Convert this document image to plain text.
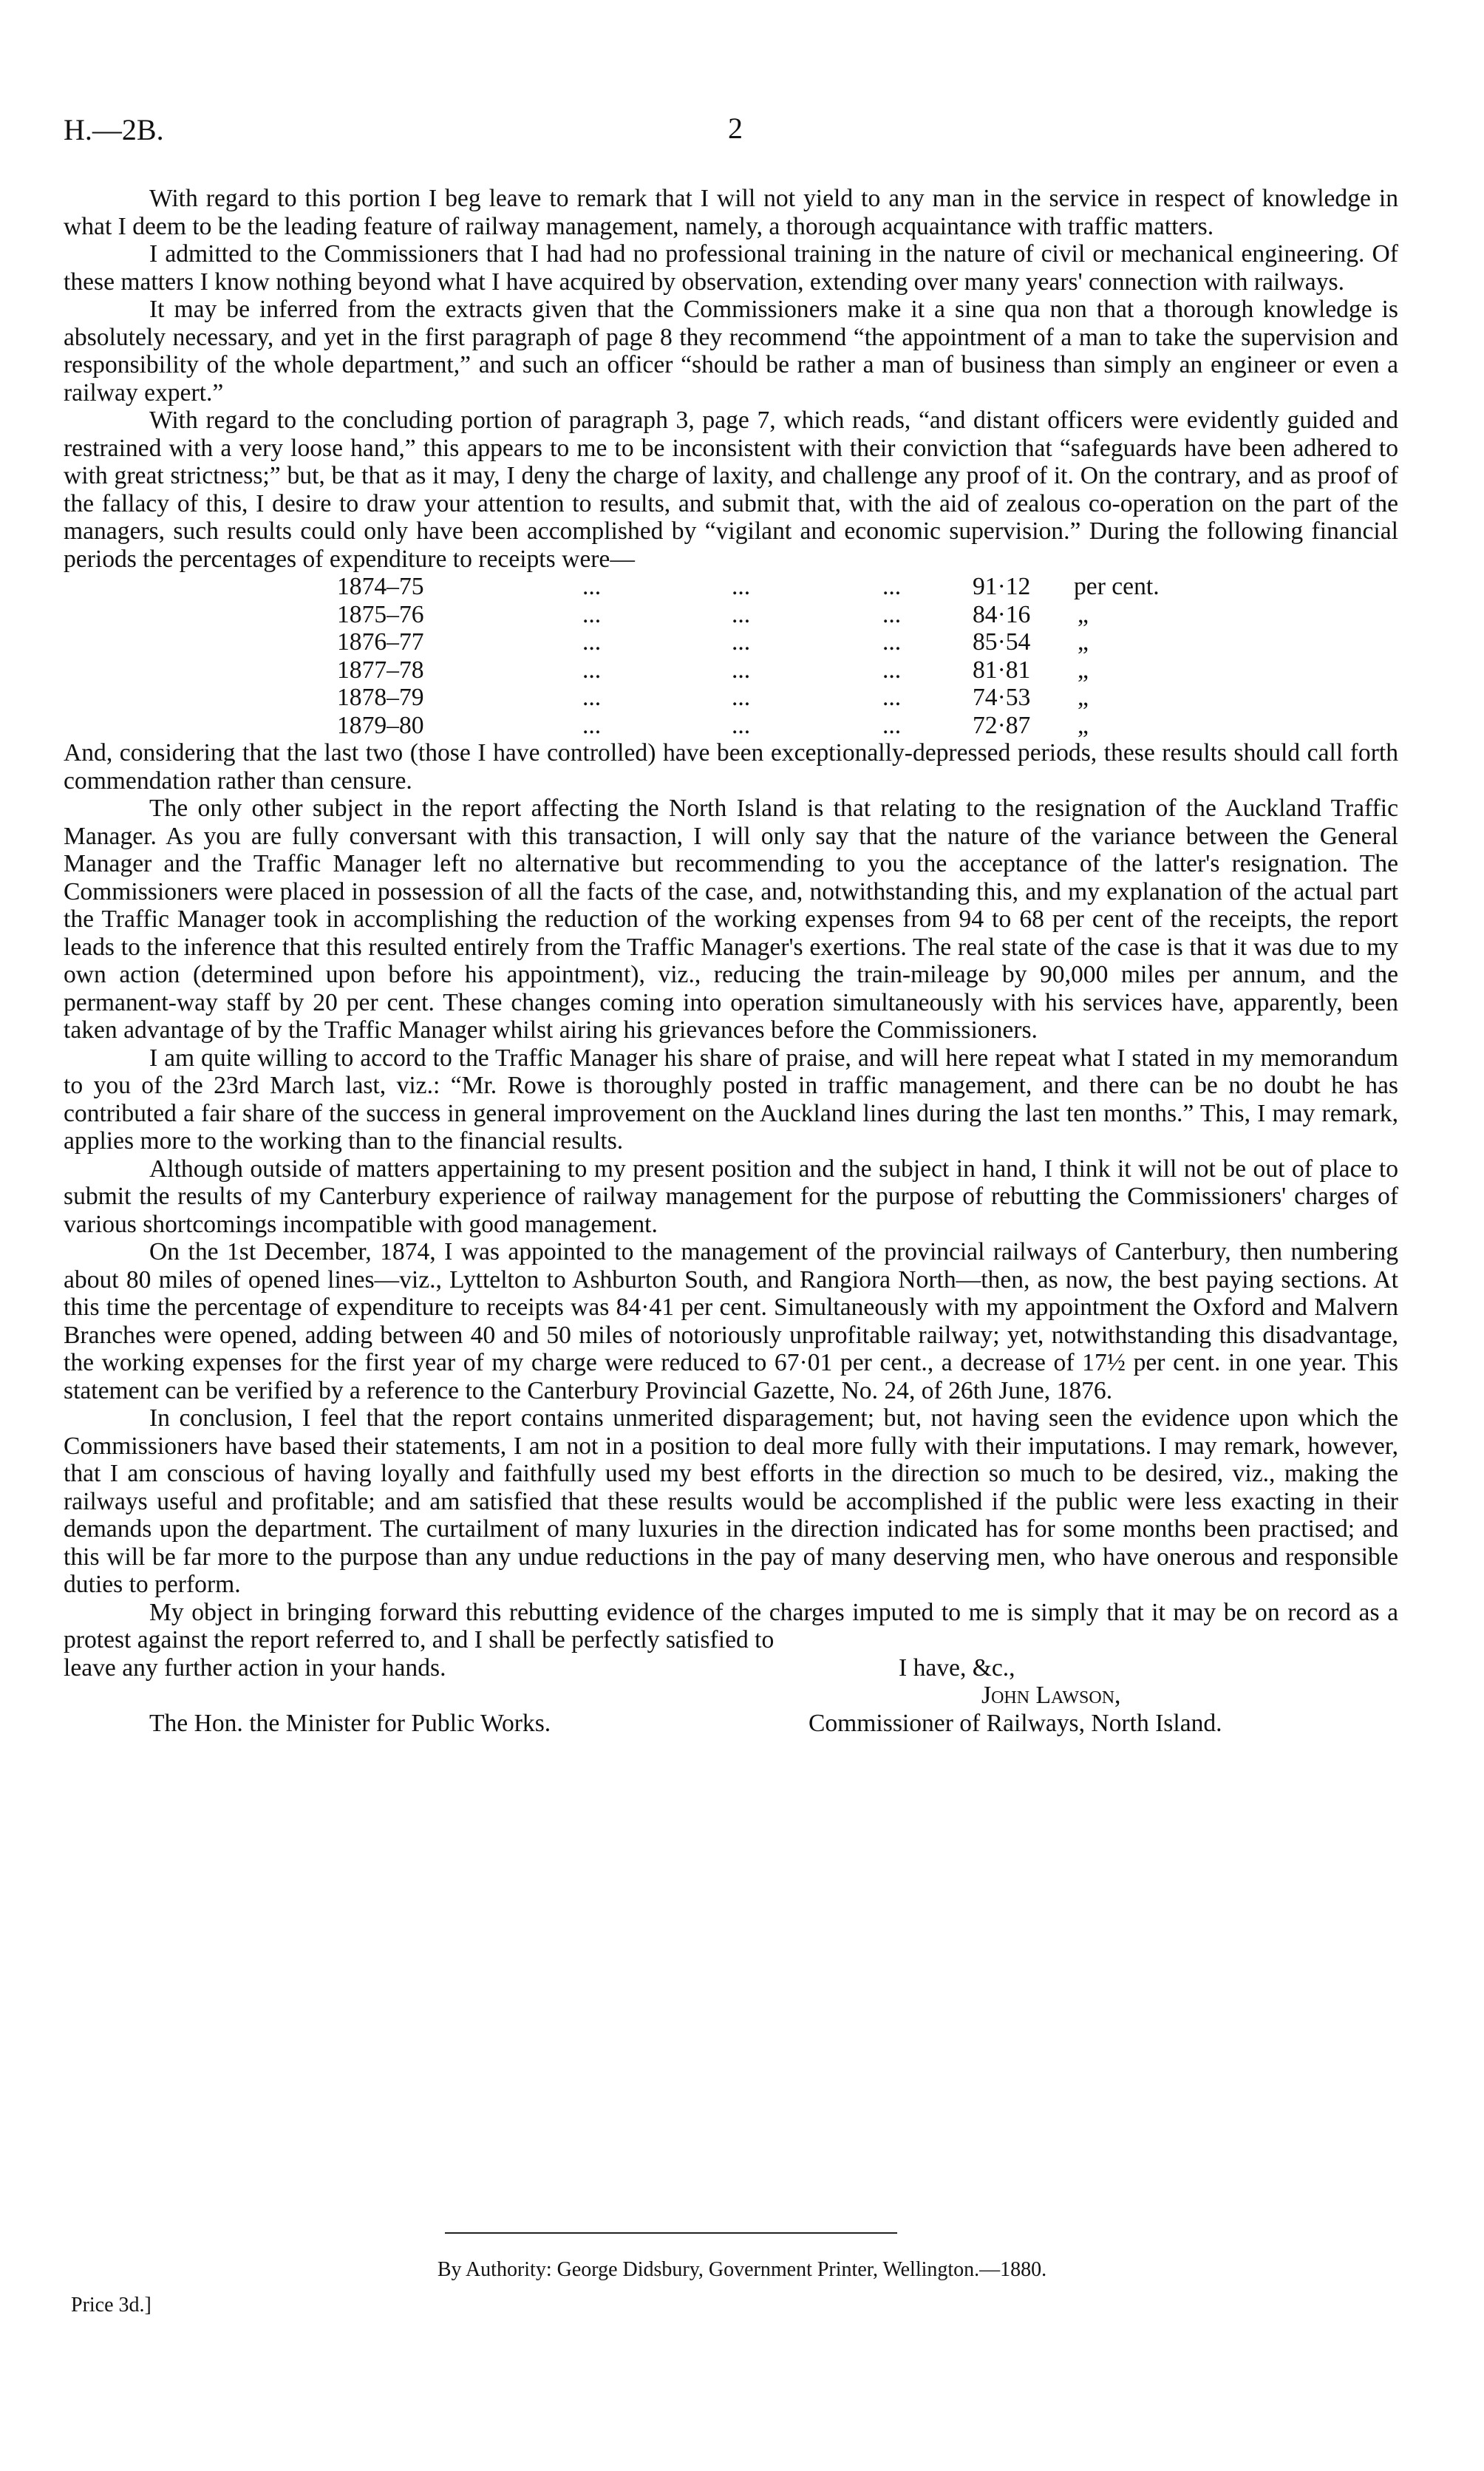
H.—2B.	2

With regard to this portion I beg leave to remark that I will not yield to any man in the service in respect of knowledge in what I deem to be the leading feature of railway management, namely, a thorough acquaintance with traffic matters.

I admitted to the Commissioners that I had had no professional training in the nature of civil or mechanical engineering. Of these matters I know nothing beyond what I have acquired by observation, extending over many years' connection with railways.

It may be inferred from the extracts given that the Commissioners make it a sine qua non that a thorough knowledge is absolutely necessary, and yet in the first paragraph of page 8 they recommend “the appointment of a man to take the supervision and responsibility of the whole department,” and such an officer “should be rather a man of business than simply an engineer or even a railway expert.”

With regard to the concluding portion of paragraph 3, page 7, which reads, “and distant officers were evidently guided and restrained with a very loose hand,” this appears to me to be inconsistent with their conviction that “safeguards have been adhered to with great strictness;” but, be that as it may, I deny the charge of laxity, and challenge any proof of it. On the contrary, and as proof of the fallacy of this, I desire to draw your attention to results, and submit that, with the aid of zealous co-operation on the part of the managers, such results could only have been accomplished by “vigilant and economic supervision.” During the following financial periods the percentages of expenditure to receipts were—

1874–75	...	...	...	91·12 per cent.
1875–76	...	...	...	84·16 „
1876–77	...	...	...	85·54 „
1877–78	...	...	...	81·81 „
1878–79	...	...	...	74·53 „
1879–80	...	...	...	72·87 „

And, considering that the last two (those I have controlled) have been exceptionally-depressed periods, these results should call forth commendation rather than censure.

The only other subject in the report affecting the North Island is that relating to the resignation of the Auckland Traffic Manager. As you are fully conversant with this transaction, I will only say that the nature of the variance between the General Manager and the Traffic Manager left no alternative but recommending to you the acceptance of the latter's resignation. The Commissioners were placed in possession of all the facts of the case, and, notwithstanding this, and my explanation of the actual part the Traffic Manager took in accomplishing the reduction of the working expenses from 94 to 68 per cent of the receipts, the report leads to the inference that this resulted entirely from the Traffic Manager's exertions. The real state of the case is that it was due to my own action (determined upon before his appointment), viz., reducing the train-mileage by 90,000 miles per annum, and the permanent-way staff by 20 per cent. These changes coming into operation simultaneously with his services have, apparently, been taken advantage of by the Traffic Manager whilst airing his grievances before the Commissioners.

I am quite willing to accord to the Traffic Manager his share of praise, and will here repeat what I stated in my memorandum to you of the 23rd March last, viz.: “Mr. Rowe is thoroughly posted in traffic management, and there can be no doubt he has contributed a fair share of the success in general improvement on the Auckland lines during the last ten months.” This, I may remark, applies more to the working than to the financial results.

Although outside of matters appertaining to my present position and the subject in hand, I think it will not be out of place to submit the results of my Canterbury experience of railway management for the purpose of rebutting the Commissioners' charges of various shortcomings incompatible with good management.

On the 1st December, 1874, I was appointed to the management of the provincial railways of Canterbury, then numbering about 80 miles of opened lines—viz., Lyttelton to Ashburton South, and Rangiora North—then, as now, the best paying sections. At this time the percentage of expenditure to receipts was 84·41 per cent. Simultaneously with my appointment the Oxford and Malvern Branches were opened, adding between 40 and 50 miles of notoriously unprofitable railway; yet, notwithstanding this disadvantage, the working expenses for the first year of my charge were reduced to 67·01 per cent., a decrease of 17½ per cent. in one year. This statement can be verified by a reference to the Canterbury Provincial Gazette, No. 24, of 26th June, 1876.

In conclusion, I feel that the report contains unmerited disparagement; but, not having seen the evidence upon which the Commissioners have based their statements, I am not in a position to deal more fully with their imputations. I may remark, however, that I am conscious of having loyally and faithfully used my best efforts in the direction so much to be desired, viz., making the railways useful and profitable; and am satisfied that these results would be accomplished if the public were less exacting in their demands upon the department. The curtailment of many luxuries in the direction indicated has for some months been practised; and this will be far more to the purpose than any undue reductions in the pay of many deserving men, who have onerous and responsible duties to perform.

My object in bringing forward this rebutting evidence of the charges imputed to me is simply that it may be on record as a protest against the report referred to, and I shall be perfectly satisfied to

leave any further action in your hands.	I have, &c.,
John Lawson,
The Hon. the Minister for Public Works.	Commissioner of Railways, North Island.
By Authority: George Didsbury, Government Printer, Wellington.—1880.
Price 3d.]
